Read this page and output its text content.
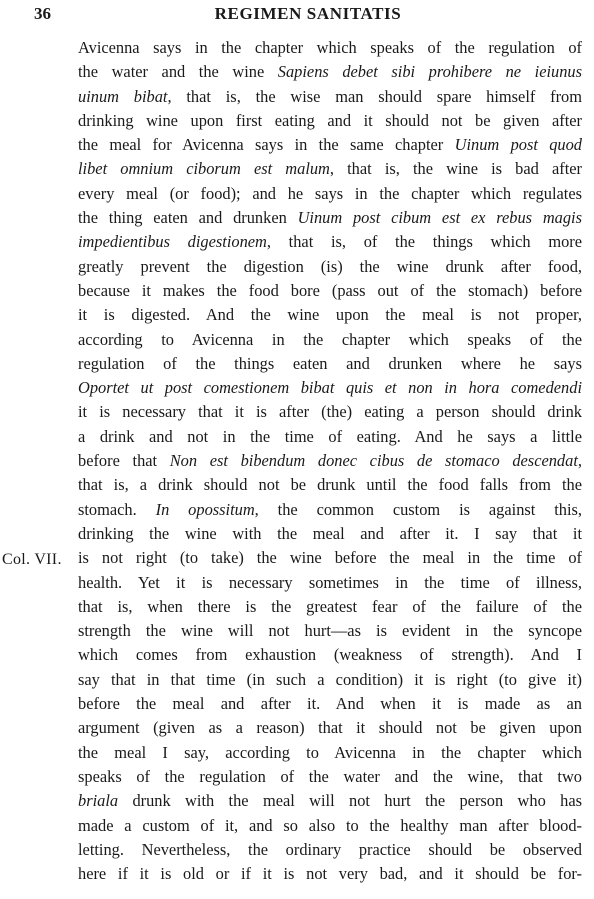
36	REGIMEN SANITATIS
Col. VII.
Avicenna says in the chapter which speaks of the regulation of
the water and the wine Sapiens debet sibi prohibere ne ieiunus
uinum bibat, that is, the wise man should spare himself from
drinking wine upon first eating and it should not be given after
the meal for Avicenna says in the same chapter Uinum post quod
libet omnium ciborum est malum, that is, the wine is bad after
every meal (or food); and he says in the chapter which regulates
the thing eaten and drunken Uinum post cibum est ex rebus magis
impedientibus digestionem, that is, of the things which more
greatly prevent the digestion (is) the wine drunk after food,
because it makes the food bore (pass out of the stomach) before
it is digested. And the wine upon the meal is not proper,
according to Avicenna in the chapter which speaks of the
regulation of the things eaten and drunken where he says
Oportet ut post comestionem bibat quis et non in hora comedendi
it is necessary that it is after (the) eating a person should drink
a drink and not in the time of eating. And he says a little
before that Non est bibendum donec cibus de stomaco descendat,
that is, a drink should not be drunk until the food falls from the
stomach. In opossitum, the common custom is against this,
drinking the wine with the meal and after it. I say that it
is not right (to take) the wine before the meal in the time of
health. Yet it is necessary sometimes in the time of illness,
that is, when there is the greatest fear of the failure of the
strength the wine will not hurt—as is evident in the syncope
which comes from exhaustion (weakness of strength). And I
say that in that time (in such a condition) it is right (to give it)
before the meal and after it. And when it is made as an
argument (given as a reason) that it should not be given upon
the meal I say, according to Avicenna in the chapter which
speaks of the regulation of the water and the wine, that two
briala drunk with the meal will not hurt the person who has
made a custom of it, and so also to the healthy man after blood-
letting. Nevertheless, the ordinary practice should be observed
here if it is old or if it is not very bad, and it should be for-
